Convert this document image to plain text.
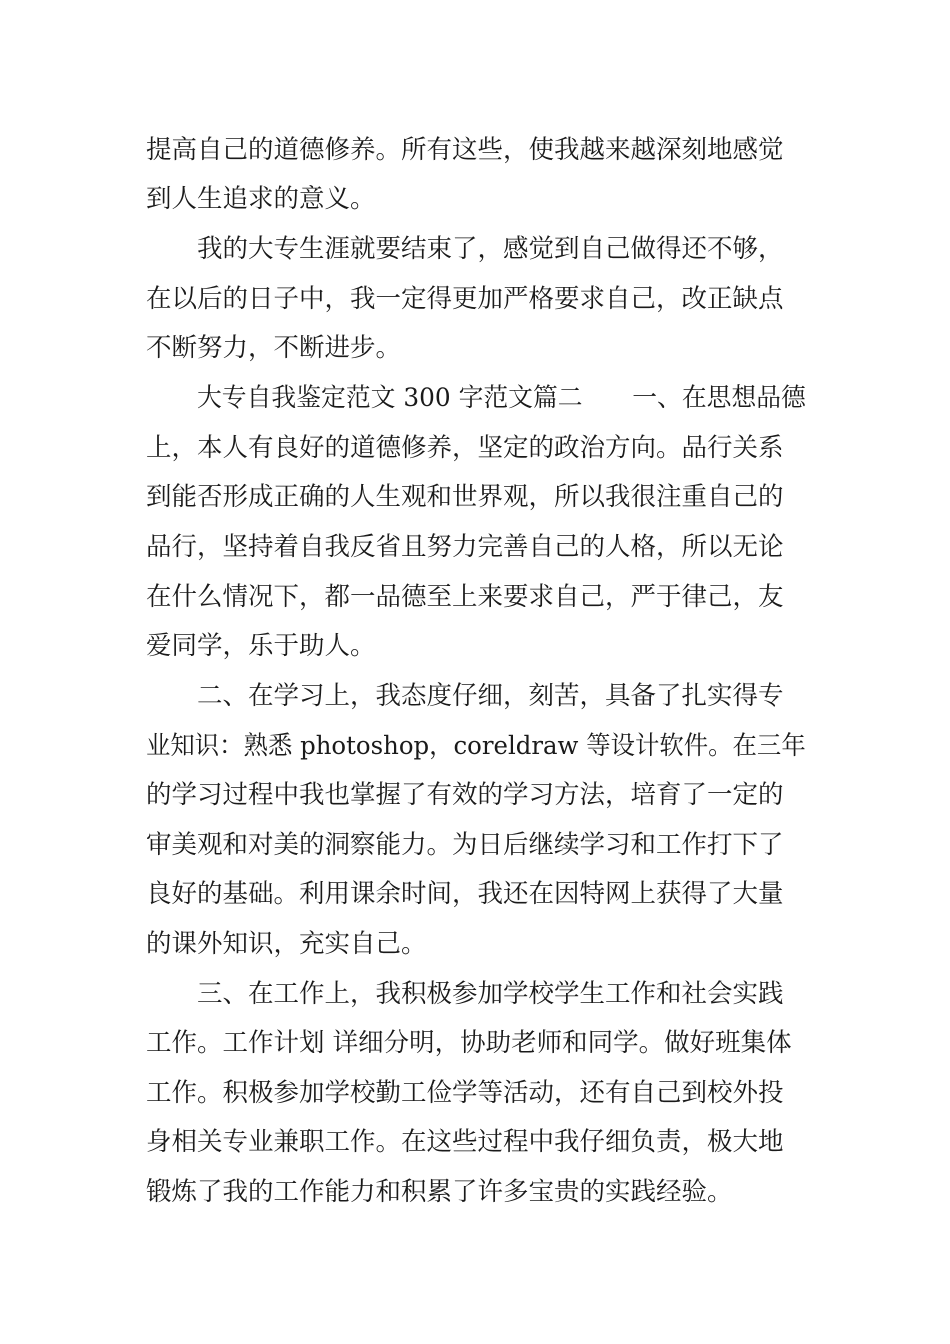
提高自己的道德修养。所有这些，使我越来越深刻地感觉
到人生追求的意义。
我的大专生涯就要结束了，感觉到自己做得还不够，
在以后的日子中，我一定得更加严格要求自己，改正缺点
不断努力，不断进步。
大专自我鉴定范文 300 字范文篇二　　一、在思想品德
上，本人有良好的道德修养，坚定的政治方向。品行关系
到能否形成正确的人生观和世界观，所以我很注重自己的
品行，坚持着自我反省且努力完善自己的人格，所以无论
在什么情况下，都一品德至上来要求自己，严于律己，友
爱同学，乐于助人。
二、在学习上，我态度仔细，刻苦，具备了扎实得专
业知识：熟悉 photoshop，coreldraw 等设计软件。在三年
的学习过程中我也掌握了有效的学习方法，培育了一定的
审美观和对美的洞察能力。为日后继续学习和工作打下了
良好的基础。利用课余时间，我还在因特网上获得了大量
的课外知识，充实自己。
三、在工作上，我积极参加学校学生工作和社会实践
工作。工作计划 详细分明，协助老师和同学。做好班集体
工作。积极参加学校勤工俭学等活动，还有自己到校外投
身相关专业兼职工作。在这些过程中我仔细负责，极大地
锻炼了我的工作能力和积累了许多宝贵的实践经验。
